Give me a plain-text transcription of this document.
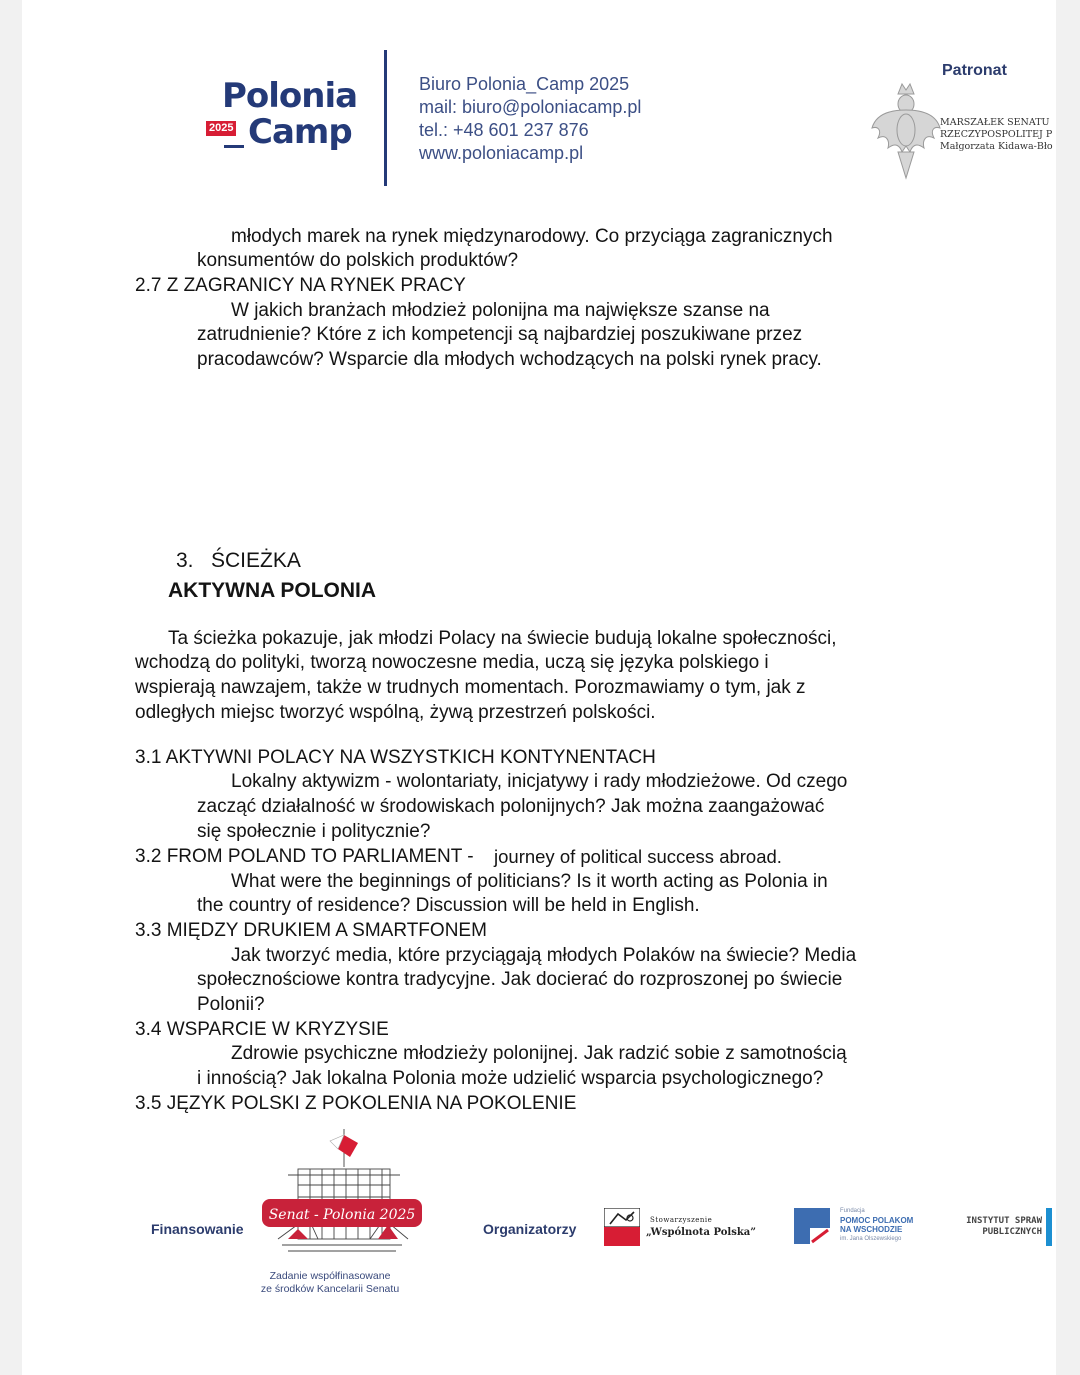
Polonia
2025 Camp
Biuro Polonia_Camp 2025
mail: biuro@poloniacamp.pl
tel.: +48 601 237 876
www.poloniacamp.pl
Patronat
MARSZAŁEK SENATU
RZECZYPOSPOLITEJ P
Małgorzata Kidawa-Bło
młodych marek na rynek międzynarodowy. Co przyciąga zagranicznych
konsumentów do polskich produktów?
2.7 Z ZAGRANICY NA RYNEK PRACY
W jakich branżach młodzież polonijna ma największe szanse na
zatrudnienie? Które z ich kompetencji są najbardziej poszukiwane przez
pracodawców? Wsparcie dla młodych wchodzących na polski rynek pracy.
3. ŚCIEŻKA
AKTYWNA POLONIA
Ta ścieżka pokazuje, jak młodzi Polacy na świecie budują lokalne społeczności,
wchodzą do polityki, tworzą nowoczesne media, uczą się języka polskiego i
wspierają nawzajem, także w trudnych momentach. Porozmawiamy o tym, jak z
odległych miejsc tworzyć wspólną, żywą przestrzeń polskości.
3.1 AKTYWNI POLACY NA WSZYSTKICH KONTYNENTACH
Lokalny aktywizm - wolontariaty, inicjatywy i rady młodzieżowe. Od czego
zacząć działalność w środowiskach polonijnych? Jak można zaangażować
się społecznie i politycznie?
3.2 FROM POLAND TO PARLIAMENT - journey of political success abroad.
What were the beginnings of politicians? Is it worth acting as Polonia in
the country of residence? Discussion will be held in English.
3.3 MIĘDZY DRUKIEM A SMARTFONEM
Jak tworzyć media, które przyciągają młodych Polaków na świecie? Media
społecznościowe kontra tradycyjne. Jak docierać do rozproszonej po świecie
Polonii?
3.4 WSPARCIE W KRYZYSIE
Zdrowie psychiczne młodzieży polonijnej. Jak radzić sobie z samotnością
i innością? Jak lokalna Polonia może udzielić wsparcia psychologicznego?
3.5 JĘZYK POLSKI Z POKOLENIA NA POKOLENIE
Finansowanie
Senat - Polonia 2025
Zadanie współfinasowane
ze środków Kancelarii Senatu
Organizatorzy
Stowarzyszenie
„Wspólnota Polska”
Fundacja
POMOC POLAKOM
NA WSCHODZIE
im. Jana Olszewskiego
INSTYTUT SPRAW
PUBLICZNYCH
